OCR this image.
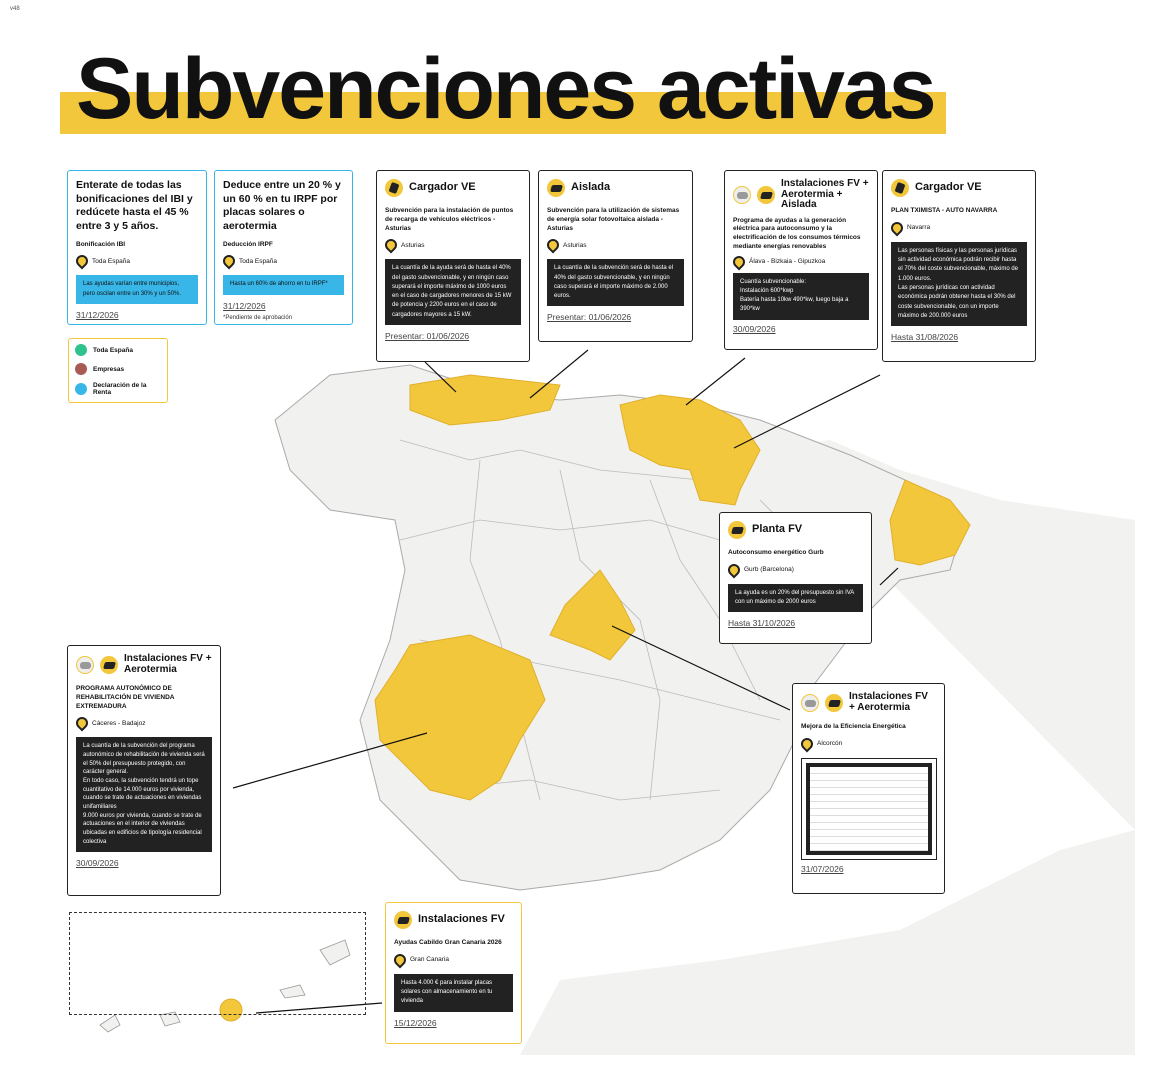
v48
Subvenciones activas
Toda España
Empresas
Declaración de la Renta
Enterate de todas las bonificaciones del IBI y redúcete hasta el 45 % entre 3 y 5 años.
Bonificación IBI
Toda España
Las ayudas varían entre municipios, pero oscilan entre un 30% y un 50%.
31/12/2026
Deduce entre un 20 % y un 60 % en tu IRPF por placas solares o aerotermia
Deducción IRPF
Toda España
Hasta un 60% de ahorro en tu IRPF*
31/12/2026
*Pendiente de aprobación
Cargador VE
Subvención para la instalación de puntos de recarga de vehículos eléctricos - Asturias
Asturias
La cuantía de la ayuda será de hasta el 40% del gasto subvencionable, y en ningún caso superará el importe máximo de 1000 euros en el caso de cargadores menores de 15 kW de potencia y 2200 euros en el caso de cargadores mayores a 15 kW.
Presentar: 01/06/2026
Aislada
Subvención para la utilización de sistemas de energía solar fotovoltaica aislada - Asturias
Asturias
La cuantía de la subvención será de hasta el 40% del gasto subvencionable, y en ningún caso superará el importe máximo de 2.000 euros.
Presentar: 01/06/2026
Instalaciones FV + Aerotermia + Aislada
Programa de ayudas a la generación eléctrica para autoconsumo y la electrificación de los consumos térmicos mediante energías renovables
Álava - Bizkaia - Gipuzkoa
Cuantía subvencionable:
Instalación 600*kwp
Batería hasta 10kw 490*kw, luego baja a 390*kw
30/09/2026
Cargador VE
PLAN TXIMISTA - AUTO NAVARRA
Navarra
Las personas físicas y las personas jurídicas sin actividad económica podrán recibir hasta el 70% del coste subvencionable, máximo de 1.000 euros.
Las personas jurídicas con actividad económica podrán obtener hasta el 30% del coste subvencionable, con un importe máximo de 200.000 euros
Hasta 31/08/2026
Planta FV
Autoconsumo energético Gurb
Gurb (Barcelona)
La ayuda es un 20% del presupuesto sin IVA con un máximo de 2000 euros
Hasta 31/10/2026
Instalaciones FV + Aerotermia
PROGRAMA AUTONÓMICO DE REHABILITACIÓN DE VIVIENDA EXTREMADURA
Cáceres - Badajoz
La cuantía de la subvención del programa autonómico de rehabilitación de vivienda será el 50% del presupuesto protegido, con carácter general.
En todo caso, la subvención tendrá un tope cuantitativo de 14.000 euros por vivienda, cuando se trate de actuaciones en viviendas unifamiliares
9.000 euros por vivienda, cuando se trate de actuaciones en el interior de viviendas ubicadas en edificios de tipología residencial colectiva
30/09/2026
Instalaciones FV + Aerotermia
Mejora de la Eficiencia Energética
Alcorcón
31/07/2026
Instalaciones FV
Ayudas Cabildo Gran Canaria 2026
Gran Canaria
Hasta 4.000 € para instalar placas solares con almacenamiento en tu vivienda
15/12/2026
